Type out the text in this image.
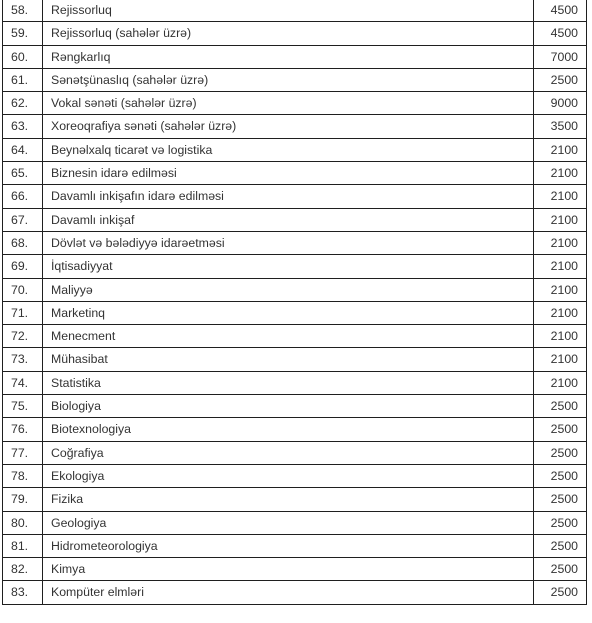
58.	Rejissorluq	4500
59.	Rejissorluq (sahələr üzrə)	4500
60.	Rəngkarlıq	7000
61.	Sənətşünaslıq (sahələr üzrə)	2500
62.	Vokal sənəti (sahələr üzrə)	9000
63.	Xoreoqrafiya sənəti (sahələr üzrə)	3500
64.	Beynəlxalq ticarət və logistika	2100
65.	Biznesin idarə edilməsi	2100
66.	Davamlı inkişafın idarə edilməsi	2100
67.	Davamlı inkişaf	2100
68.	Dövlət və bələdiyyə idarəetməsi	2100
69.	İqtisadiyyat	2100
70.	Maliyyə	2100
71.	Marketinq	2100
72.	Menecment	2100
73.	Mühasibat	2100
74.	Statistika	2100
75.	Biologiya	2500
76.	Biotexnologiya	2500
77.	Coğrafiya	2500
78.	Ekologiya	2500
79.	Fizika	2500
80.	Geologiya	2500
81.	Hidrometeorologiya	2500
82.	Kimya	2500
83.	Kompüter elmləri	2500
